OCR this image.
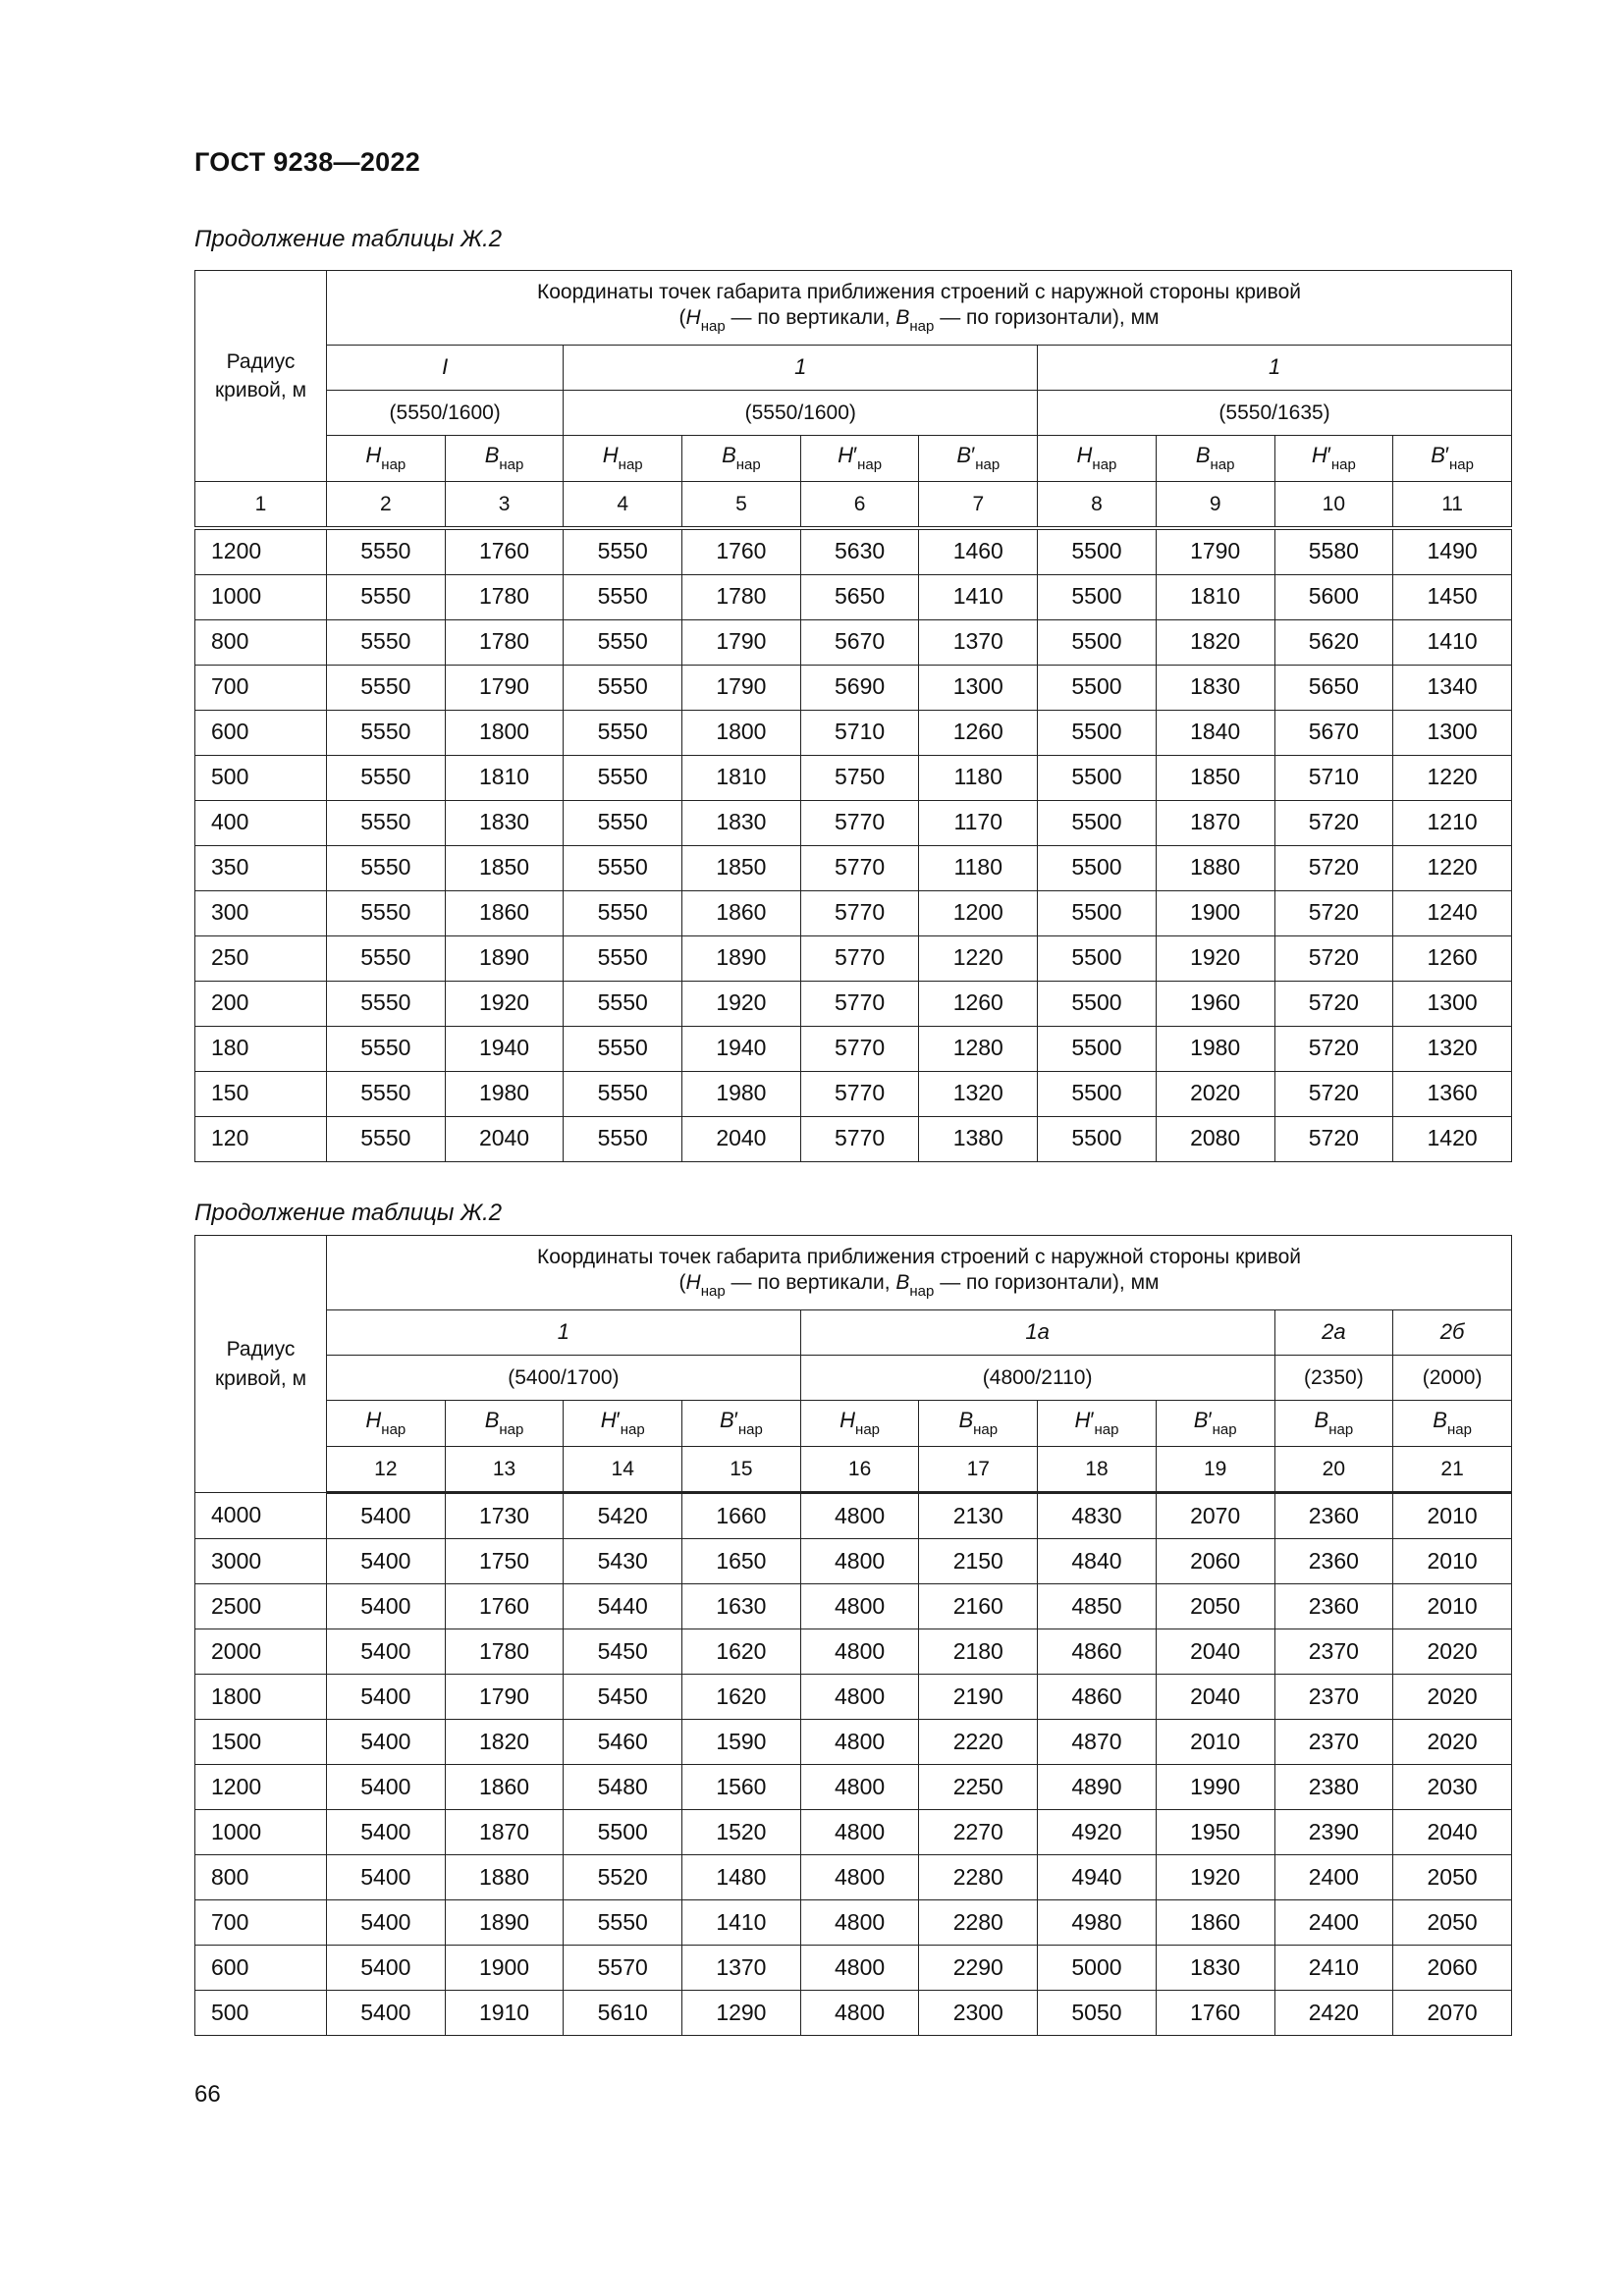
ГОСТ 9238—2022
Продолжение таблицы Ж.2
Радиус кривой, м	Координаты точек габарита приближения строений с наружной стороны кривой
($H_{нар}$ — по вертикали, $B_{нар}$ — по горизонтали), мм									

	I		1				1			
	(5550/1600)		(5550/1600)				(5550/1635)			
	$H_{нар}$	$B_{нар}$	$H_{нар}$	$B_{нар}$	$H'_{нар}$	$B'_{нар}$	$H_{нар}$	$B_{нар}$	$H'_{нар}$	$B'_{нар}$
1	2	3	4	5	6	7	8	9	10	11
1200	5550	1760	5550	1760	5630	1460	5500	1790	5580	1490
1000	5550	1780	5550	1780	5650	1410	5500	1810	5600	1450
800	5550	1780	5550	1790	5670	1370	5500	1820	5620	1410
700	5550	1790	5550	1790	5690	1300	5500	1830	5650	1340
600	5550	1800	5550	1800	5710	1260	5500	1840	5670	1300
500	5550	1810	5550	1810	5750	1180	5500	1850	5710	1220
400	5550	1830	5550	1830	5770	1170	5500	1870	5720	1210
350	5550	1850	5550	1850	5770	1180	5500	1880	5720	1220
300	5550	1860	5550	1860	5770	1200	5500	1900	5720	1240
250	5550	1890	5550	1890	5770	1220	5500	1920	5720	1260
200	5550	1920	5550	1920	5770	1260	5500	1960	5720	1300
180	5550	1940	5550	1940	5770	1280	5500	1980	5720	1320
150	5550	1980	5550	1980	5770	1320	5500	2020	5720	1360
120	5550	2040	5550	2040	5770	1380	5500	2080	5720	1420
Продолжение таблицы Ж.2
Радиус кривой, м	Координаты точек габарита приближения строений с наружной стороны кривой
($H_{нар}$ — по вертикали, $B_{нар}$ — по горизонтали), мм									

	1				1а				2а	2б
	(5400/1700)				(4800/2110)				(2350)	(2000)
	$H_{нар}$	$B_{нар}$	$H'_{нар}$	$B'_{нар}$	$H_{нар}$	$B_{нар}$	$H'_{нар}$	$B'_{нар}$	$B_{нар}$	$B_{нар}$
	12	13	14	15	16	17	18	19	20	21
4000	5400	1730	5420	1660	4800	2130	4830	2070	2360	2010
3000	5400	1750	5430	1650	4800	2150	4840	2060	2360	2010
2500	5400	1760	5440	1630	4800	2160	4850	2050	2360	2010
2000	5400	1780	5450	1620	4800	2180	4860	2040	2370	2020
1800	5400	1790	5450	1620	4800	2190	4860	2040	2370	2020
1500	5400	1820	5460	1590	4800	2220	4870	2010	2370	2020
1200	5400	1860	5480	1560	4800	2250	4890	1990	2380	2030
1000	5400	1870	5500	1520	4800	2270	4920	1950	2390	2040
800	5400	1880	5520	1480	4800	2280	4940	1920	2400	2050
700	5400	1890	5550	1410	4800	2280	4980	1860	2400	2050
600	5400	1900	5570	1370	4800	2290	5000	1830	2410	2060
500	5400	1910	5610	1290	4800	2300	5050	1760	2420	2070
66
